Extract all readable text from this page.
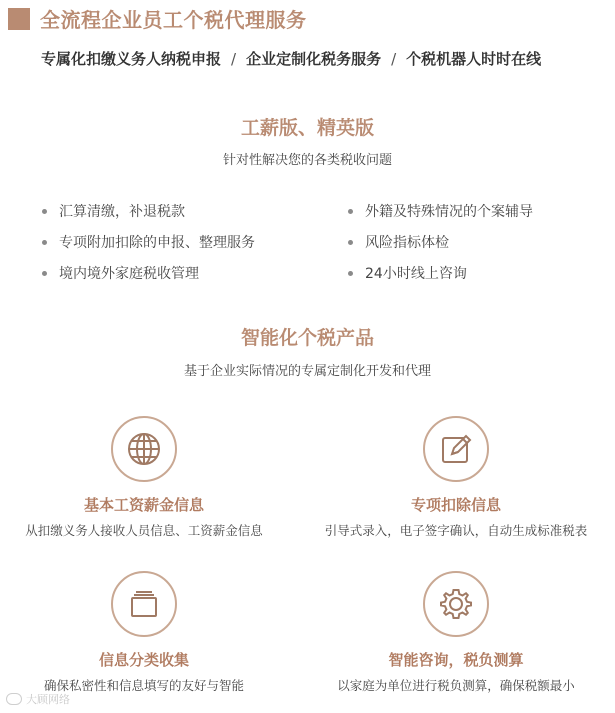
全流程企业员工个税代理服务
专属化扣缴义务人纳税申报 / 企业定制化税务服务 / 个税机器人时时在线
工薪版、精英版
针对性解决您的各类税收问题
汇算清缴，补退税款
专项附加扣除的申报、整理服务
境内境外家庭税收管理
外籍及特殊情况的个案辅导
风险指标体检
24小时线上咨询
智能化个税产品
基于企业实际情况的专属定制化开发和代理
基本工资薪金信息
从扣缴义务人接收人员信息、工资薪金信息
专项扣除信息
引导式录入，电子签字确认，自动生成标准税表
信息分类收集
确保私密性和信息填写的友好与智能
智能咨询，税负测算
以家庭为单位进行税负测算，确保税额最小
大顾网络
